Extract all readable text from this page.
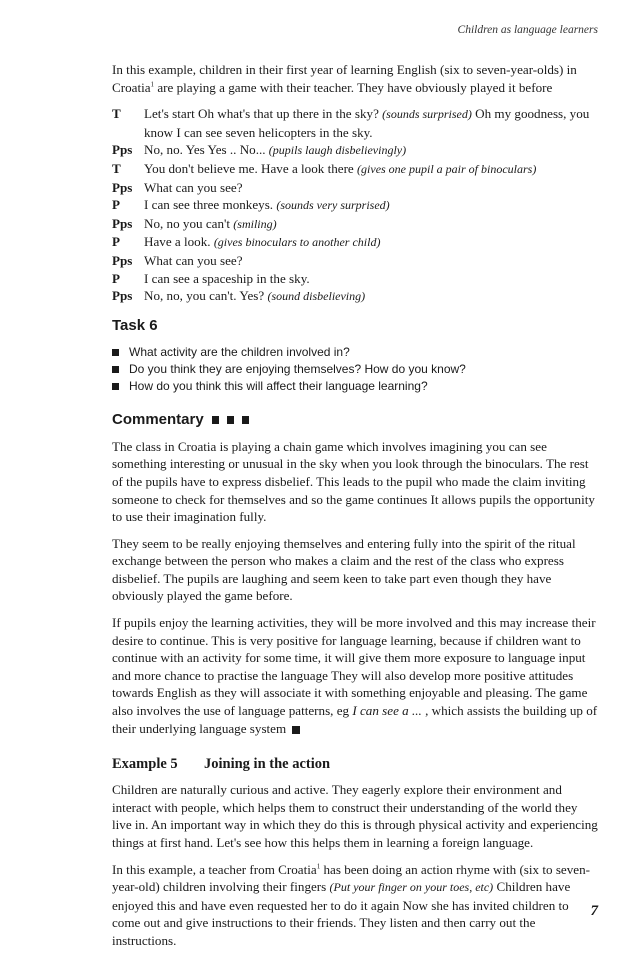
Children as language learners

In this example, children in their first year of learning English (six to seven-year-olds) in Croatia$^1$ are playing a game with their teacher. They have obviously played it before

T	Let's start Oh what's that up there in the sky? (sounds surprised) Oh my goodness, you know I can see seven helicopters in the sky.
Pps No, no. Yes Yes .. No... (pupils laugh disbelievingly)
T	You don't believe me. Have a look there (gives one pupil a pair of binoculars)
Pps What can you see?
P	I can see three monkeys. (sounds very surprised)
Pps No, no you can't (smiling)
P	Have a look. (gives binoculars to another child)
Pps What can you see?
P	I can see a spaceship in the sky.
Pps No, no, you can't. Yes? (sound disbelieving)
Task 6
What activity are the children involved in?
Do you think they are enjoying themselves? How do you know?
How do you think this will affect their language learning?
Commentary

The class in Croatia is playing a chain game which involves imagining you can see something interesting or unusual in the sky when you look through the binoculars. The rest of the pupils have to express disbelief. This leads to the pupil who made the claim inviting someone to check for themselves and so the game continues It allows pupils the opportunity to use their imagination fully.

They seem to be really enjoying themselves and entering fully into the spirit of the ritual exchange between the person who makes a claim and the rest of the class who express disbelief. The pupils are laughing and seem keen to take part even though they have obviously played the game before.

If pupils enjoy the learning activities, they will be more involved and this may increase their desire to continue. This is very positive for language learning, because if children want to continue with an activity for some time, it will give them more exposure to language input and more chance to practise the language They will also develop more positive attitudes towards English as they will associate it with something enjoyable and pleasing. The game also involves the use of language patterns, eg I can see a ... , which assists the building up of their underlying language system

Example 5	Joining in the action

Children are naturally curious and active. They eagerly explore their environment and interact with people, which helps them to construct their understanding of the world they live in. An important way in which they do this is through physical activity and experiencing things at first hand. Let's see how this helps them in learning a foreign language.

In this example, a teacher from Croatia$^1$ has been doing an action rhyme with (six to seven-year-old) children involving their fingers (Put your finger on your toes, etc) Children have enjoyed this and have even requested her to do it again Now she has invited children to come out and give instructions to their friends. They listen and then carry out the instructions.

7
